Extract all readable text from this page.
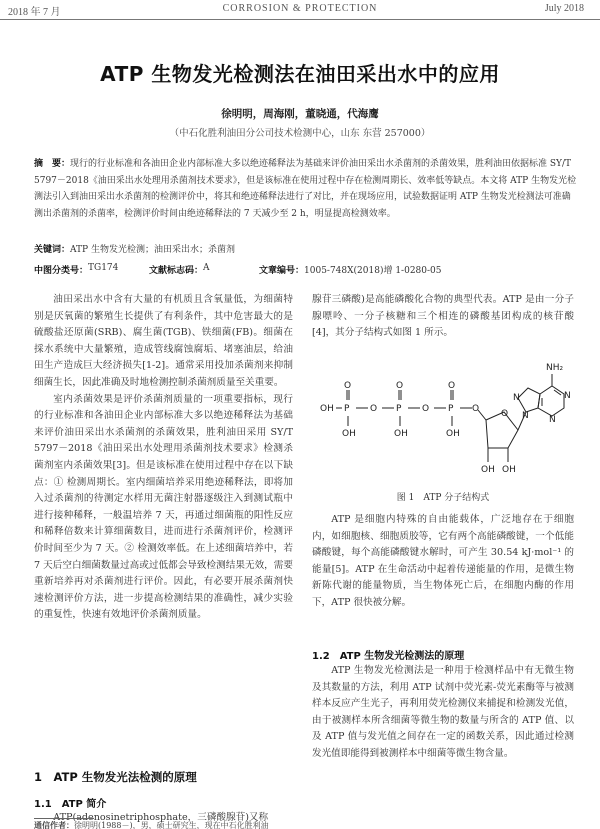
2018 年 7 月	CORROSION & PROTECTION	July 2018
ATP 生物发光检测法在油田采出水中的应用
徐明明，周海刚，董晓通，代海鹰
（中石化胜利油田分公司技术检测中心，山东 东营 257000）
摘　要：现行的行业标准和各油田企业内部标准大多以绝迹稀释法为基础来评价油田采出水杀菌剂的杀菌效果，胜利油田依据标准 SY/T 5797－2018《油田采出水处理用杀菌剂技术要求》，但是该标准在使用过程中存在检测周期长、效率低等缺点。本文将 ATP 生物发光检测法引入到油田采出水杀菌剂的检测评价中，将其和绝迹稀释法进行了对比，并在现场应用，试验数据证明 ATP 生物发光检测法可准确测出杀菌剂的杀菌率，检测评价时间由绝迹稀释法的 7 天减少至 2 h，明显提高检测效率。
关键词：ATP 生物发光检测；油田采出水；杀菌剂
中图分类号： TG174	文献标志码： A	文章编号： 1005-748X(2018)增 1-0280-05

油田采出水中含有大量的有机质且含氧量低，为细菌特别是厌氧菌的繁殖生长提供了有利条件，其中危害最大的是硫酸盐还原菌(SRB)、腐生菌(TGB)、铁细菌(FB)。细菌在採水系统中大量繁殖，造成管线腐蚀腐垢、堵塞油层，给油田生产造成巨大经济损失[1-2]。通常采用投加杀菌剂来抑制细菌生长，因此准确及时地检测控制杀菌剂质量至关重要。

室内杀菌效果是评价杀菌剂质量的一项重要指标，现行的行业标准和各油田企业内部标准大多以绝迹稀释法为基础来评价油田采出水杀菌剂的杀菌效果，胜利油田采用 SY/T 5797－2018《油田采出水处理用杀菌剂技术要求》检测杀菌剂室内杀菌效果[3]。但是该标准在使用过程中存在以下缺点：① 检测周期长。室内细菌培养采用绝迹稀释法，即将加入过杀菌剂的待测定水样用无菌注射器逐级注入到测试瓶中进行接种稀释，一般温培养 7 天，再通过细菌瓶的阳性反应和稀释倍数来计算细菌数目，进而进行杀菌剂评价，检测评价时间至少为 7 天。② 检测效率低。在上述细菌培养中，若 7 天后空白细菌数量过高或过低都会导致检测结果无效，需要重新培养再对杀菌剂进行评价。因此，有必要开展杀菌剂快速检测评价方法，进一步提高检测结果的准确性，减少实验的重复性，快速有效地评价杀菌剂质量。

1　ATP 生物发光法检测的原理
1.1　ATP 简介

ATP(adenosinetriphosphate，三磷酸腺苷)又称

腺苷三磷酸)是高能磷酸化合物的典型代表。ATP 是由一分子腺嘌呤、一分子核糖和三个相连的磷酸基团构成的核苷酸[4]，其分子结构式如图 1 所示。

OH P O P O P O
O	O	O
OH	OH	OH
O
OH OH
N
N	N
N
NH₂
图 1　ATP 分子结构式

ATP 是细胞内特殊的自由能载体，广泛地存在于细胞内，如细胞核、细胞质胶等，它有两个高能磷酸键，一个低能磷酸键，每个高能磷酸键水解时，可产生 30.54 kJ·mol⁻¹ 的能量[5]。ATP 在生命活动中起着传递能量的作用，是微生物新陈代谢的能量物质，当生物体死亡后，在细胞内酶的作用下，ATP 很快被分解。

1.2　ATP 生物发光检测法的原理

ATP 生物发光检测法是一种用于检测样品中有无微生物及其数量的方法，利用 ATP 试剂中荧光素-荧光素酶等与被测样本反应产生光子，再利用荧光检测仪来捕捉和检测发光值，由于被测样本所含细菌等微生物的数量与所含的 ATP 值、以及 ATP 值与发光值之间存在一定的函数关系，因此通过检测发光值即能得到被测样本中细菌等微生物含量。

通信作者：徐明明(1988－)，男，硕士研究生，现在中石化胜利油
